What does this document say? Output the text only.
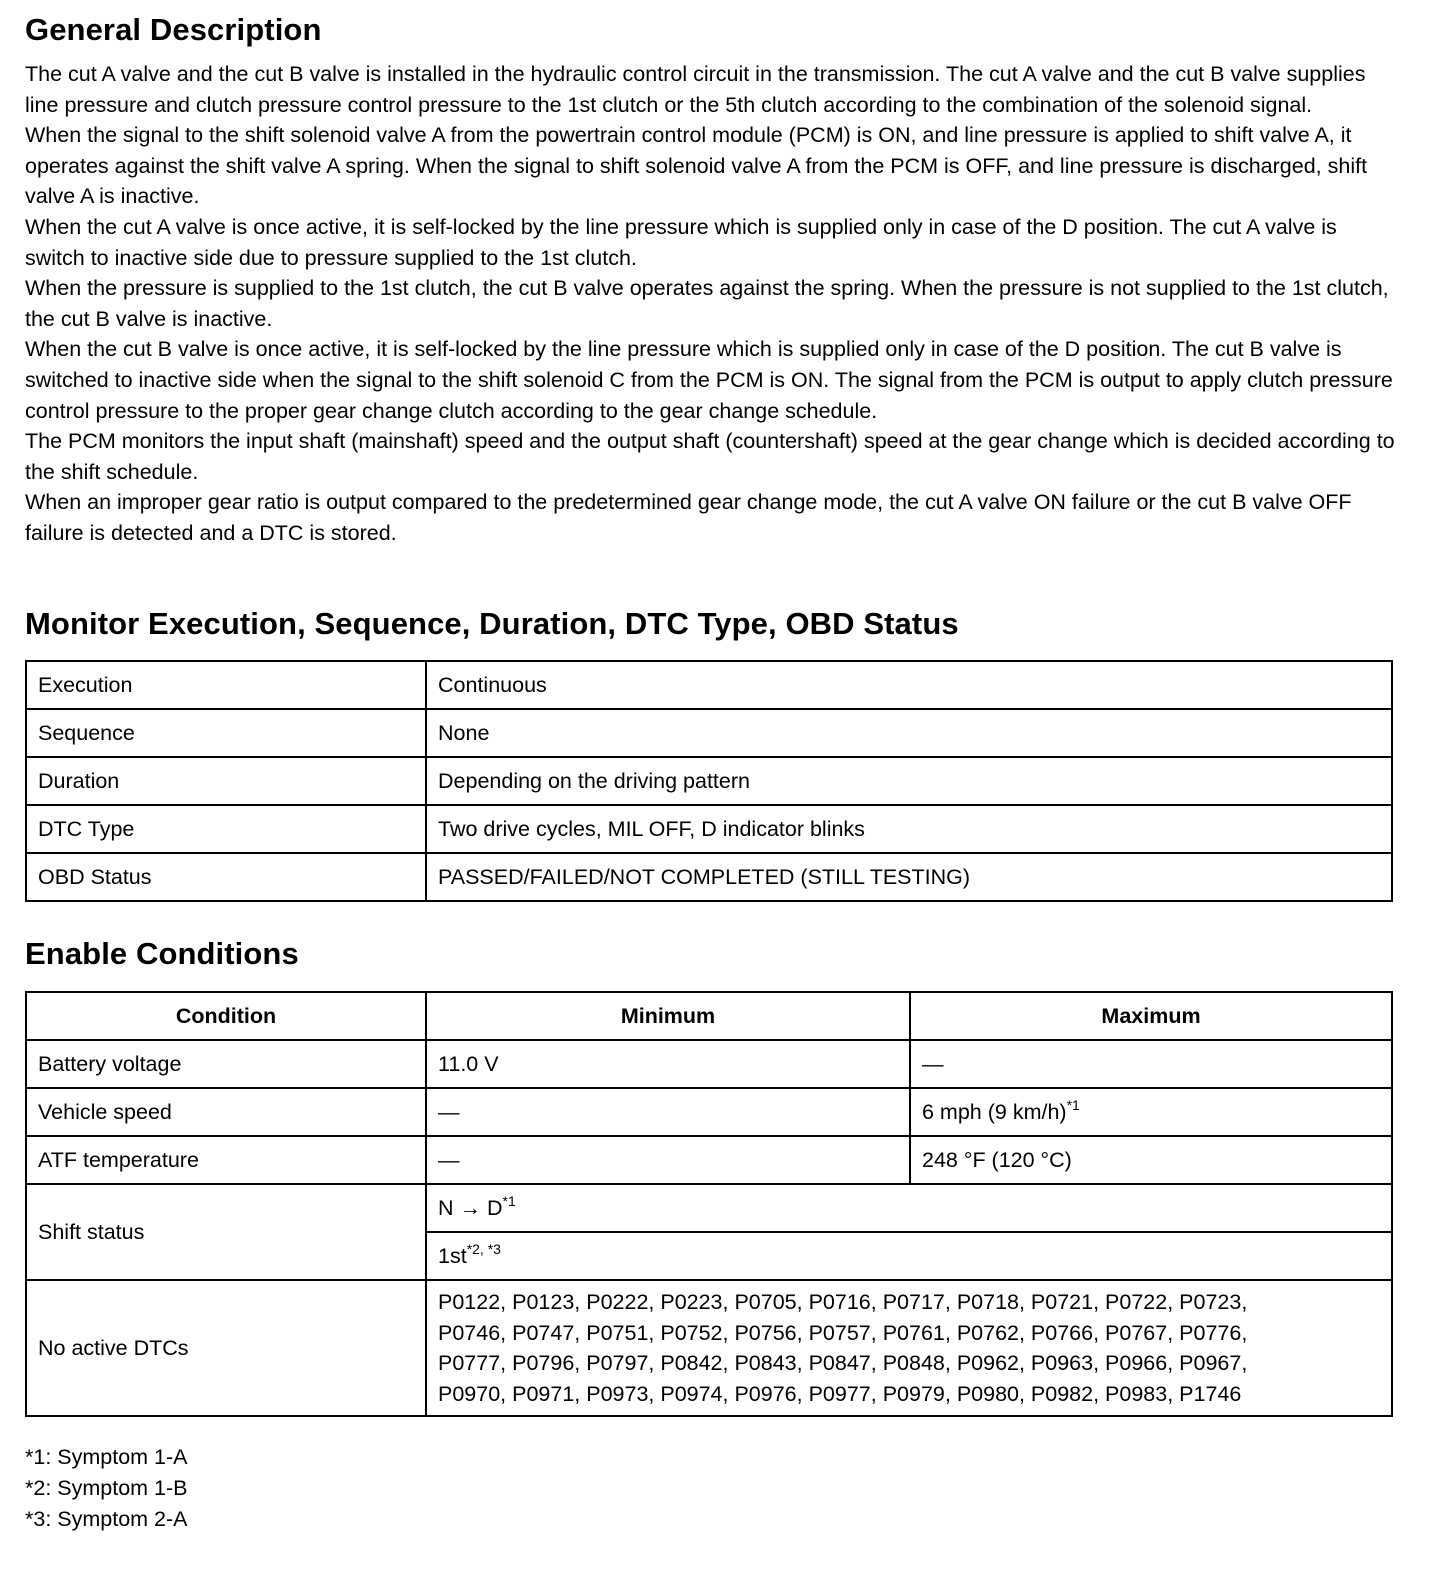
General Description

The cut A valve and the cut B valve is installed in the hydraulic control circuit in the transmission. The cut A valve and the cut B valve supplies line pressure and clutch pressure control pressure to the 1st clutch or the 5th clutch according to the combination of the solenoid signal.

When the signal to the shift solenoid valve A from the powertrain control module (PCM) is ON, and line pressure is applied to shift valve A, it operates against the shift valve A spring. When the signal to shift solenoid valve A from the PCM is OFF, and line pressure is discharged, shift valve A is inactive.

When the cut A valve is once active, it is self-locked by the line pressure which is supplied only in case of the D position. The cut A valve is switch to inactive side due to pressure supplied to the 1st clutch.

When the pressure is supplied to the 1st clutch, the cut B valve operates against the spring. When the pressure is not supplied to the 1st clutch, the cut B valve is inactive.

When the cut B valve is once active, it is self-locked by the line pressure which is supplied only in case of the D position. The cut B valve is switched to inactive side when the signal to the shift solenoid C from the PCM is ON. The signal from the PCM is output to apply clutch pressure control pressure to the proper gear change clutch according to the gear change schedule.

The PCM monitors the input shaft (mainshaft) speed and the output shaft (countershaft) speed at the gear change which is decided according to the shift schedule.

When an improper gear ratio is output compared to the predetermined gear change mode, the cut A valve ON failure or the cut B valve OFF failure is detected and a DTC is stored.

Monitor Execution, Sequence, Duration, DTC Type, OBD Status
Execution	Continuous
Sequence	None
Duration	Depending on the driving pattern
DTC Type	Two drive cycles, MIL OFF, D indicator blinks
OBD Status	PASSED/FAILED/NOT COMPLETED (STILL TESTING)
Enable Conditions
Condition	Minimum	Maximum
Battery voltage	11.0 V	—
Vehicle speed	—	6 mph (9 km/h)$^{*1}$
ATF temperature	—	248 °F (120 °C)
Shift status	$N \to D^{*1}$
	$1st^{*2, *3}$
No active DTCs	P0122, P0123, P0222, P0223, P0705, P0716, P0717, P0718, P0721, P0722, P0723,
P0746, P0747, P0751, P0752, P0756, P0757, P0761, P0762, P0766, P0767, P0776,
P0777, P0796, P0797, P0842, P0843, P0847, P0848, P0962, P0963, P0966, P0967,
P0970, P0971, P0973, P0974, P0976, P0977, P0979, P0980, P0982, P0983, P1746	
*1: Symptom 1-A
*2: Symptom 1-B
*3: Symptom 2-A
